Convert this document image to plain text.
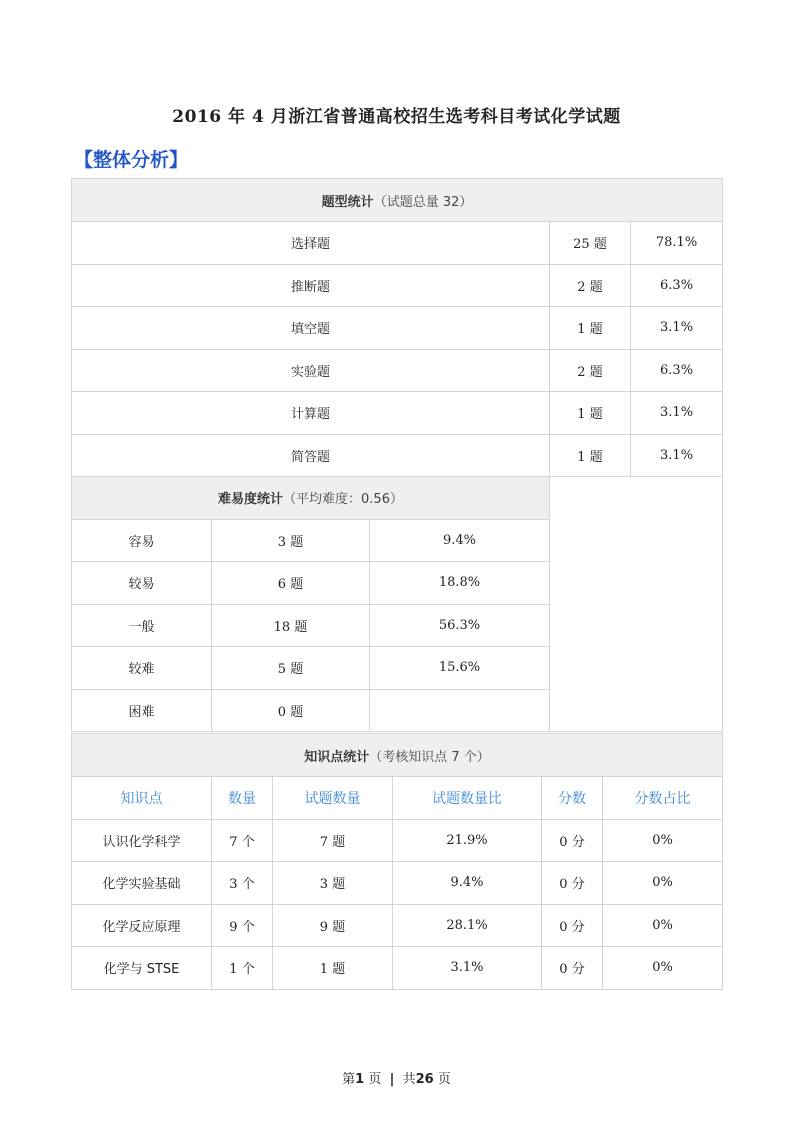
2016 年 4 月浙江省普通高校招生选考科目考试化学试题
【整体分析】
题型统计（试题总量 32）				
选择题			25 题	78.1%
推断题			2 题	6.3%
填空题			1 题	3.1%
实验题			2 题	6.3%
计算题			1 题	3.1%
简答题			1 题	3.1%
难易度统计（平均难度：0.56）				
容易	3 题	9.4%		
较易	6 题	18.8%		
一般	18 题	56.3%		
较难	5 题	15.6%		
困难	0 题			
知识点统计（考核知识点 7 个）					
知识点	数量	试题数量	试题数量比	分数	分数占比
认识化学科学	7 个	7 题	21.9%	0 分	0%
化学实验基础	3 个	3 题	9.4%	0 分	0%
化学反应原理	9 个	9 题	28.1%	0 分	0%
化学与 STSE	1 个	1 题	3.1%	0 分	0%
第1 页 | 共26 页
